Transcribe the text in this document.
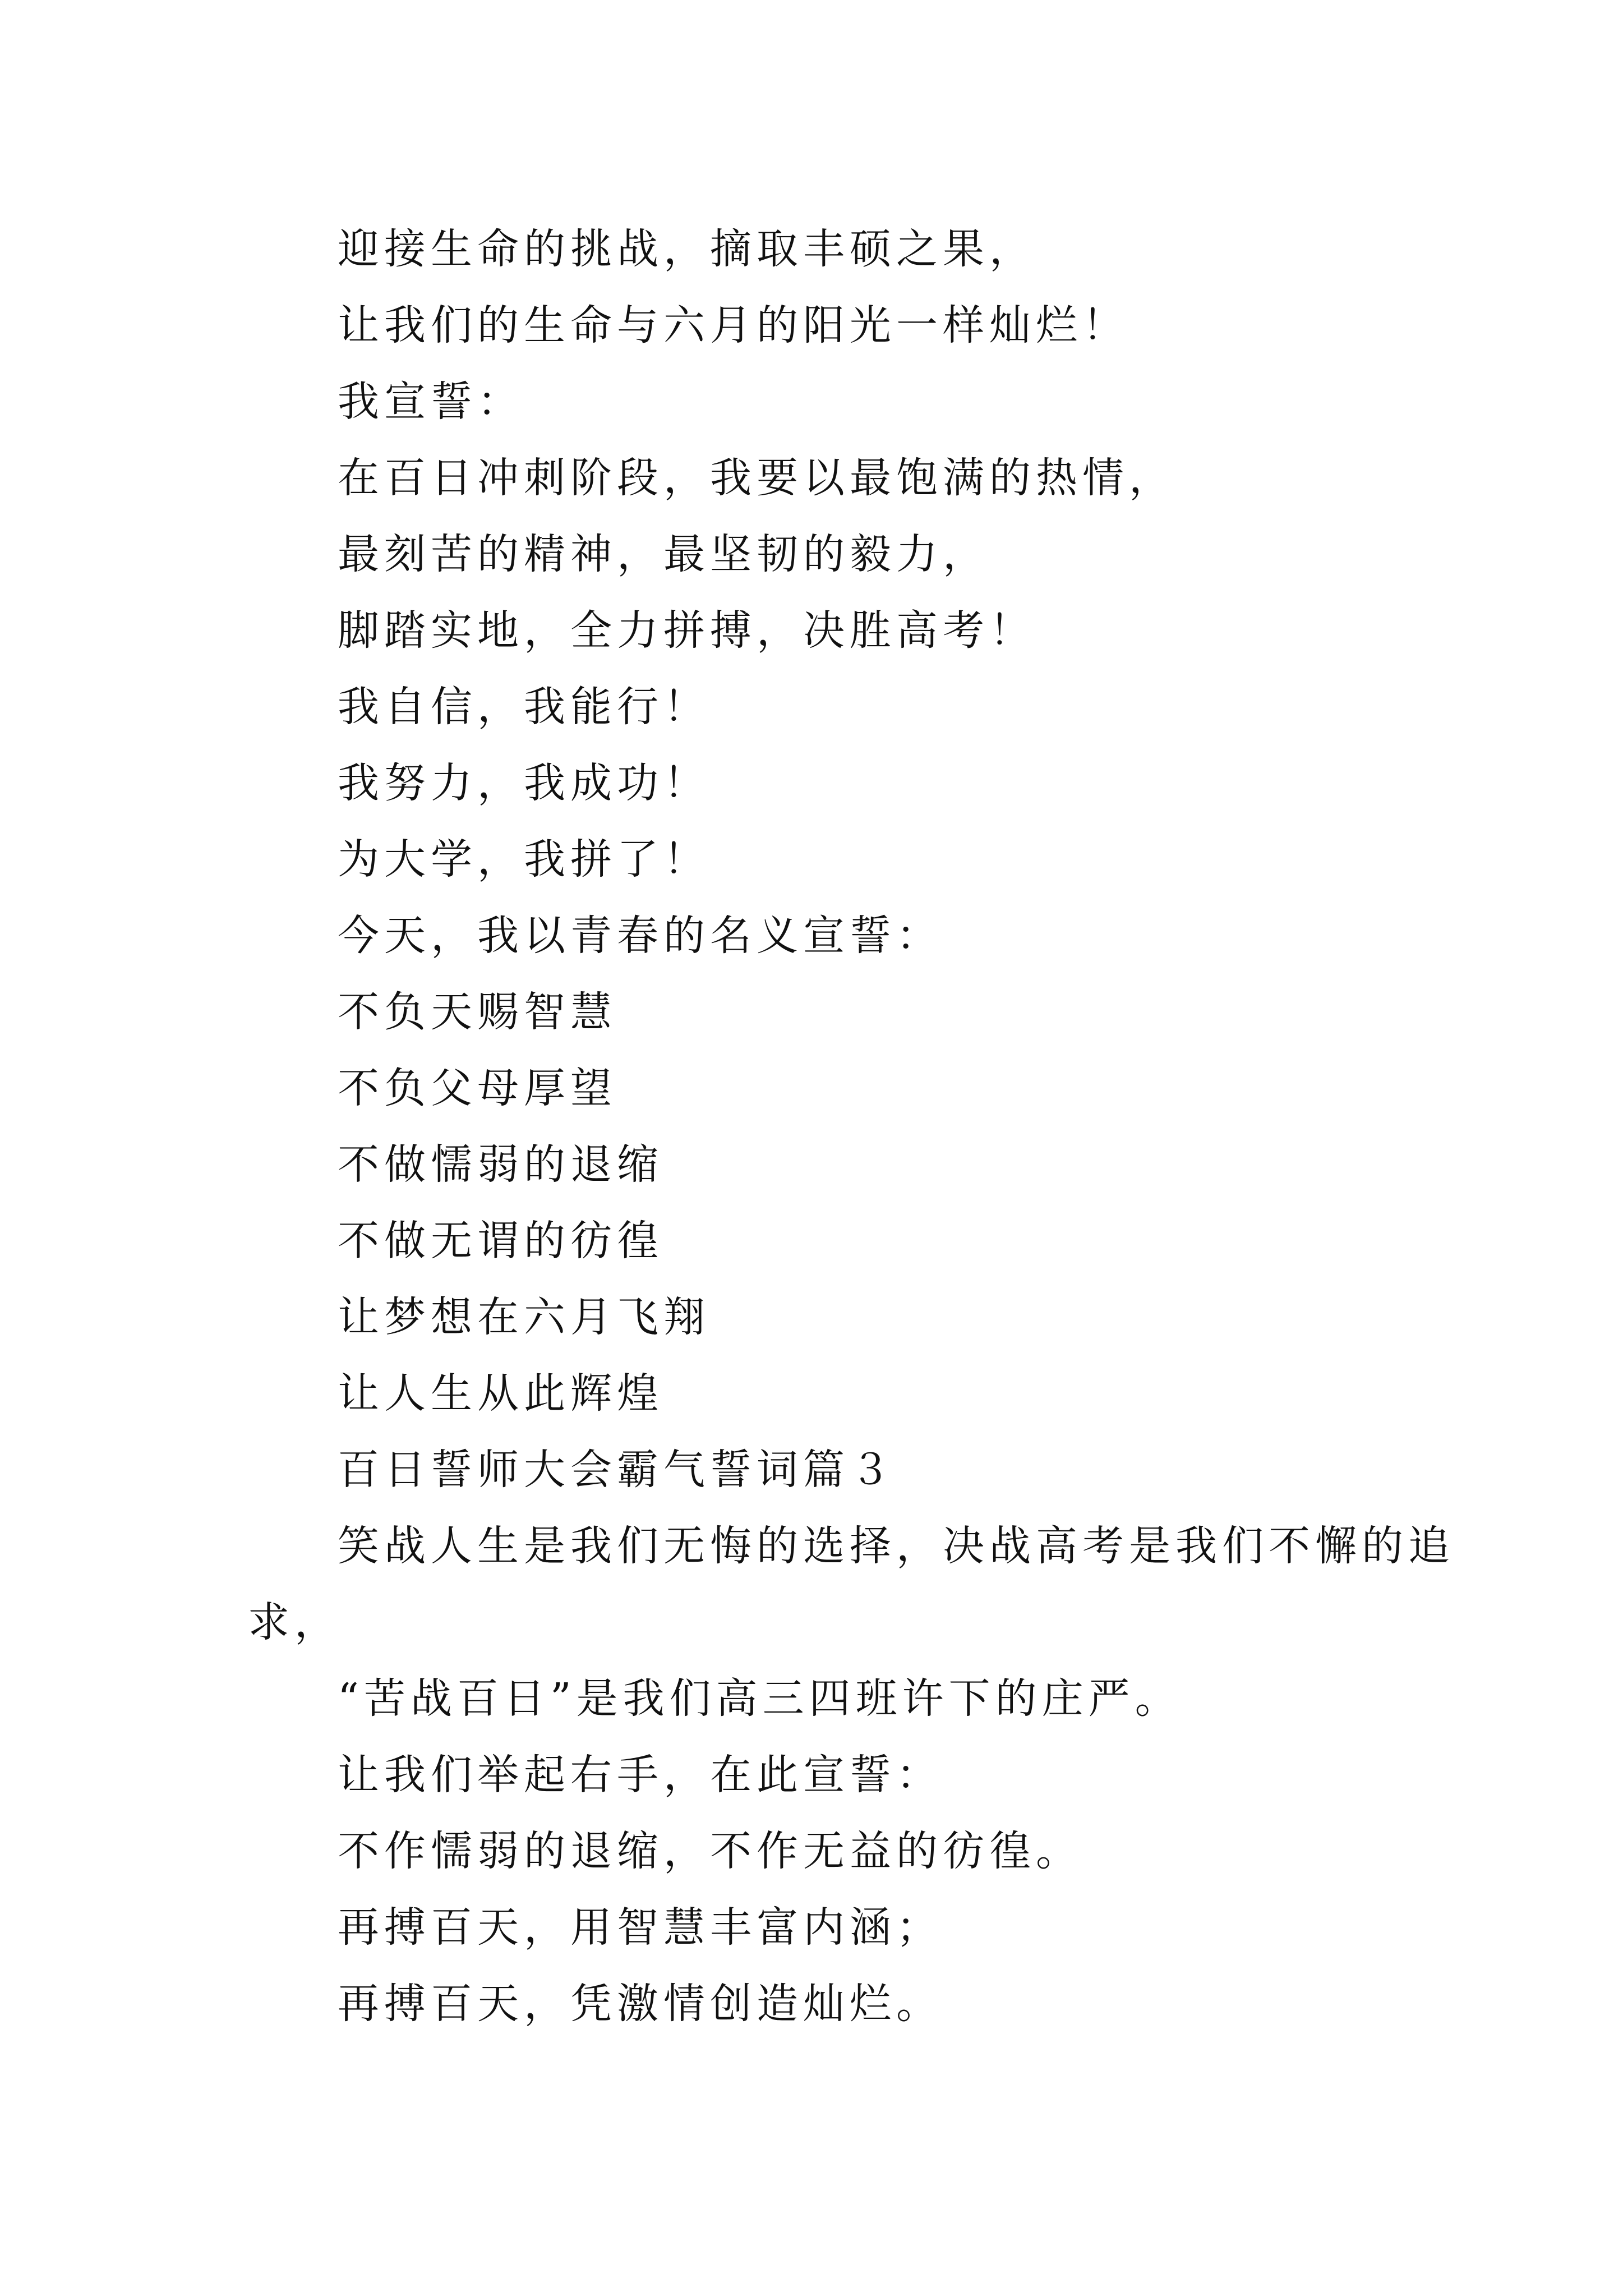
迎接生命的挑战，摘取丰硕之果，
让我们的生命与六月的阳光一样灿烂！
我宣誓：
在百日冲刺阶段，我要以最饱满的热情，
最刻苦的精神，最坚韧的毅力，
脚踏实地，全力拼搏，决胜高考！
我自信，我能行！
我努力，我成功！
为大学，我拼了！
今天，我以青春的名义宣誓：
不负天赐智慧
不负父母厚望
不做懦弱的退缩
不做无谓的彷徨
让梦想在六月飞翔
让人生从此辉煌
百日誓师大会霸气誓词篇３
笑战人生是我们无悔的选择，决战高考是我们不懈的追
求，
“苦战百日”是我们高三四班许下的庄严。
让我们举起右手，在此宣誓：
不作懦弱的退缩，不作无益的彷徨。
再搏百天，用智慧丰富内涵；
再搏百天，凭激情创造灿烂。
